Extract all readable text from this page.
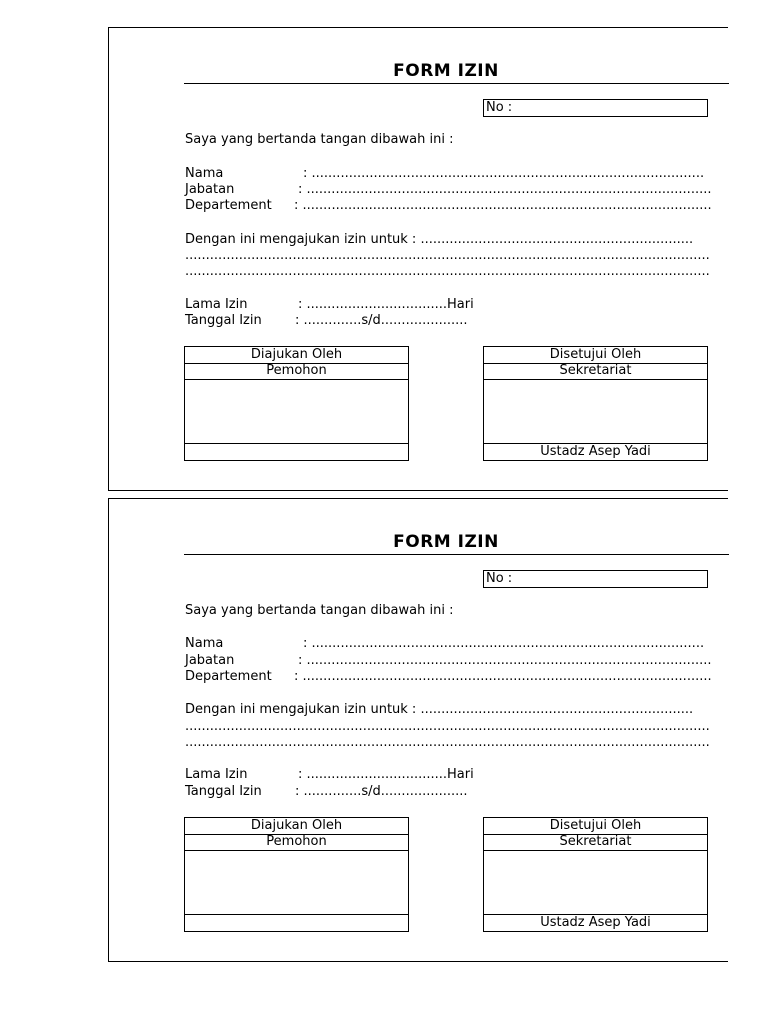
FORM IZIN
No :
Saya yang bertanda tangan dibawah ini :
Nama	: ...............................................................................................
Jabatan	: ..................................................................................................
Departement : ...................................................................................................
Dengan ini mengajukan izin untuk : ..................................................................
...............................................................................................................................
...............................................................................................................................
Lama Izin	: ..................................Hari
Tanggal Izin	: ..............s/d.....................
Diajukan Oleh
Pemohon
Disetujui Oleh
Sekretariat
Ustadz Asep Yadi
FORM IZIN
No :
Saya yang bertanda tangan dibawah ini :
Nama	: ...............................................................................................
Jabatan	: ..................................................................................................
Departement : ...................................................................................................
Dengan ini mengajukan izin untuk : ..................................................................
...............................................................................................................................
...............................................................................................................................
Lama Izin	: ..................................Hari
Tanggal Izin	: ..............s/d.....................
Diajukan Oleh
Pemohon
Disetujui Oleh
Sekretariat
Ustadz Asep Yadi
